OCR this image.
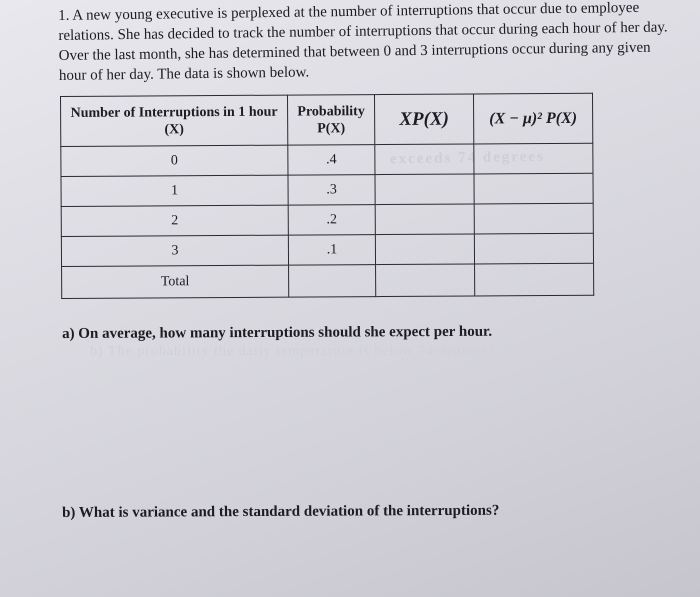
exceeds 74 degrees
b) The probability the daily temperature is below 74 degrees?
1. A new young executive is perplexed at the number of interruptions that occur due to employee relations. She has decided to track the number of interruptions that occur during each hour of her day. Over the last month, she has determined that between 0 and 3 interruptions occur during any given hour of her day. The data is shown below.
Number of Interruptions in 1 hour (X)	Probability P(X)	XP(X)	(X − μ)² P(X)
0	.4		
1	.3		
2	.2		
3	.1		
Total			
a) On average, how many interruptions should she expect per hour.
b) What is variance and the standard deviation of the interruptions?
